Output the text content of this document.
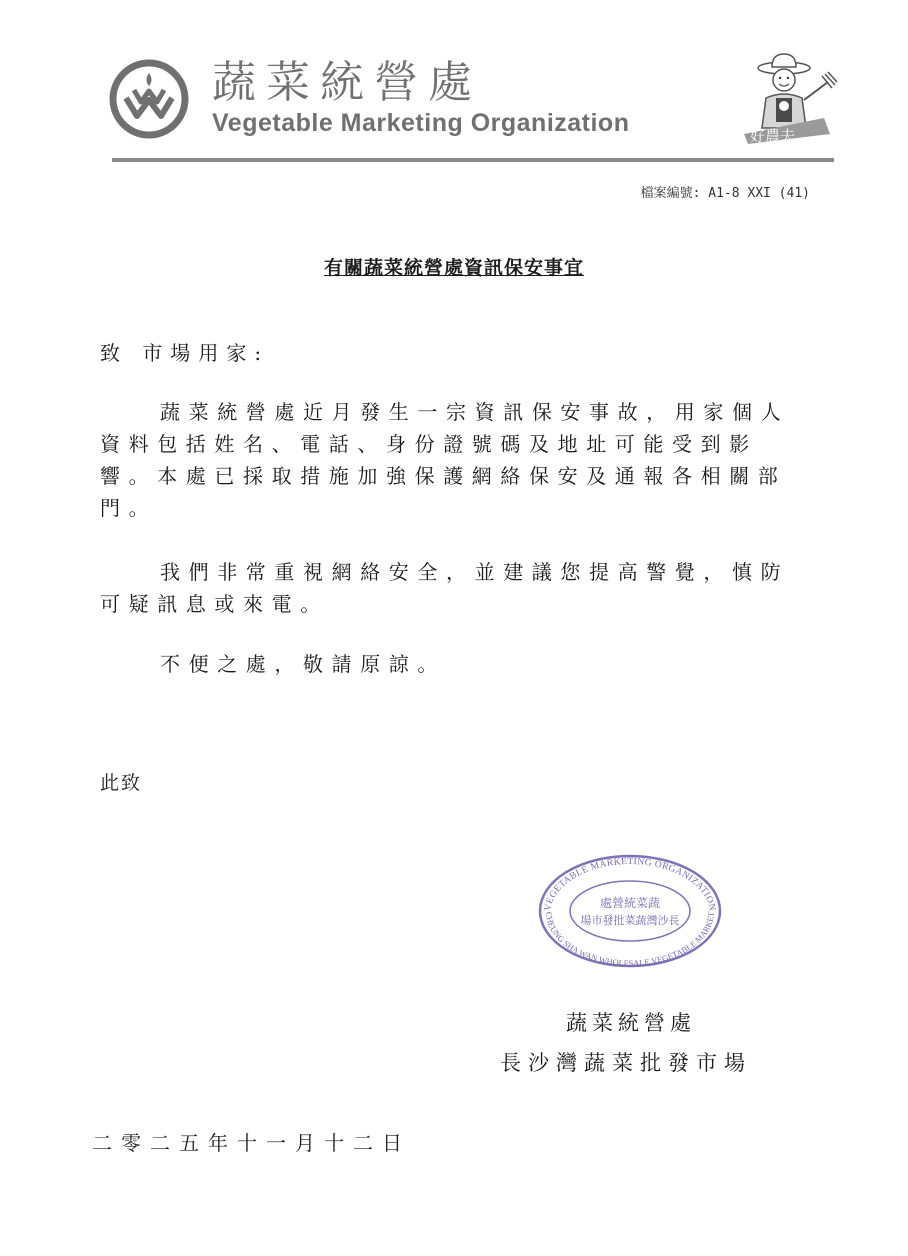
蔬菜統營處
Vegetable Marketing Organization	好農夫
檔案編號: A1-8 XXI (41)
有關蔬菜統營處資訊保安事宜
致 市場用家:
蔬菜統營處近月發生一宗資訊保安事故，用家個人資料包括姓名、電話、身份證號碼及地址可能受到影響。本處已採取措施加強保護網絡保安及通報各相關部門。
我們非常重視網絡安全，並建議您提高警覺，慎防可疑訊息或來電。
不便之處，敬請原諒。
此致
VEGETABLE MARKETING ORGANIZATION
CHEUNG SHA WAN WHOLESALE VEGETABLE MARKET
處營統菜蔬
場市發批菜蔬灣沙長
蔬菜統營處
長沙灣蔬菜批發市場
二零二五年十一月十二日
